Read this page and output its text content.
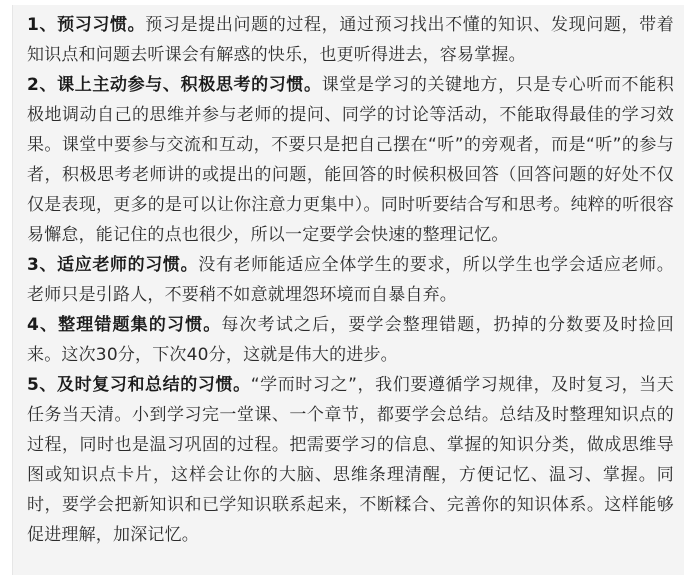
1、预习习惯。预习是提出问题的过程，通过预习找出不懂的知识、发现问题，带着知识点和问题去听课会有解惑的快乐，也更听得进去，容易掌握。

2、课上主动参与、积极思考的习惯。课堂是学习的关键地方，只是专心听而不能积极地调动自己的思维并参与老师的提问、同学的讨论等活动，不能取得最佳的学习效果。课堂中要参与交流和互动，不要只是把自己摆在“听”的旁观者，而是“听”的参与者，积极思考老师讲的或提出的问题，能回答的时候积极回答（回答问题的好处不仅仅是表现，更多的是可以让你注意力更集中）。同时听要结合写和思考。纯粹的听很容易懈怠，能记住的点也很少，所以一定要学会快速的整理记忆。

3、适应老师的习惯。没有老师能适应全体学生的要求，所以学生也学会适应老师。老师只是引路人，不要稍不如意就埋怨环境而自暴自弃。

4、整理错题集的习惯。每次考试之后，要学会整理错题，扔掉的分数要及时捡回来。这次30分，下次40分，这就是伟大的进步。

5、及时复习和总结的习惯。“学而时习之”，我们要遵循学习规律，及时复习，当天任务当天清。小到学习完一堂课、一个章节，都要学会总结。总结及时整理知识点的过程，同时也是温习巩固的过程。把需要学习的信息、掌握的知识分类，做成思维导图或知识点卡片，这样会让你的大脑、思维条理清醒，方便记忆、温习、掌握。同时，要学会把新知识和已学知识联系起来，不断糅合、完善你的知识体系。这样能够促进理解，加深记忆。
